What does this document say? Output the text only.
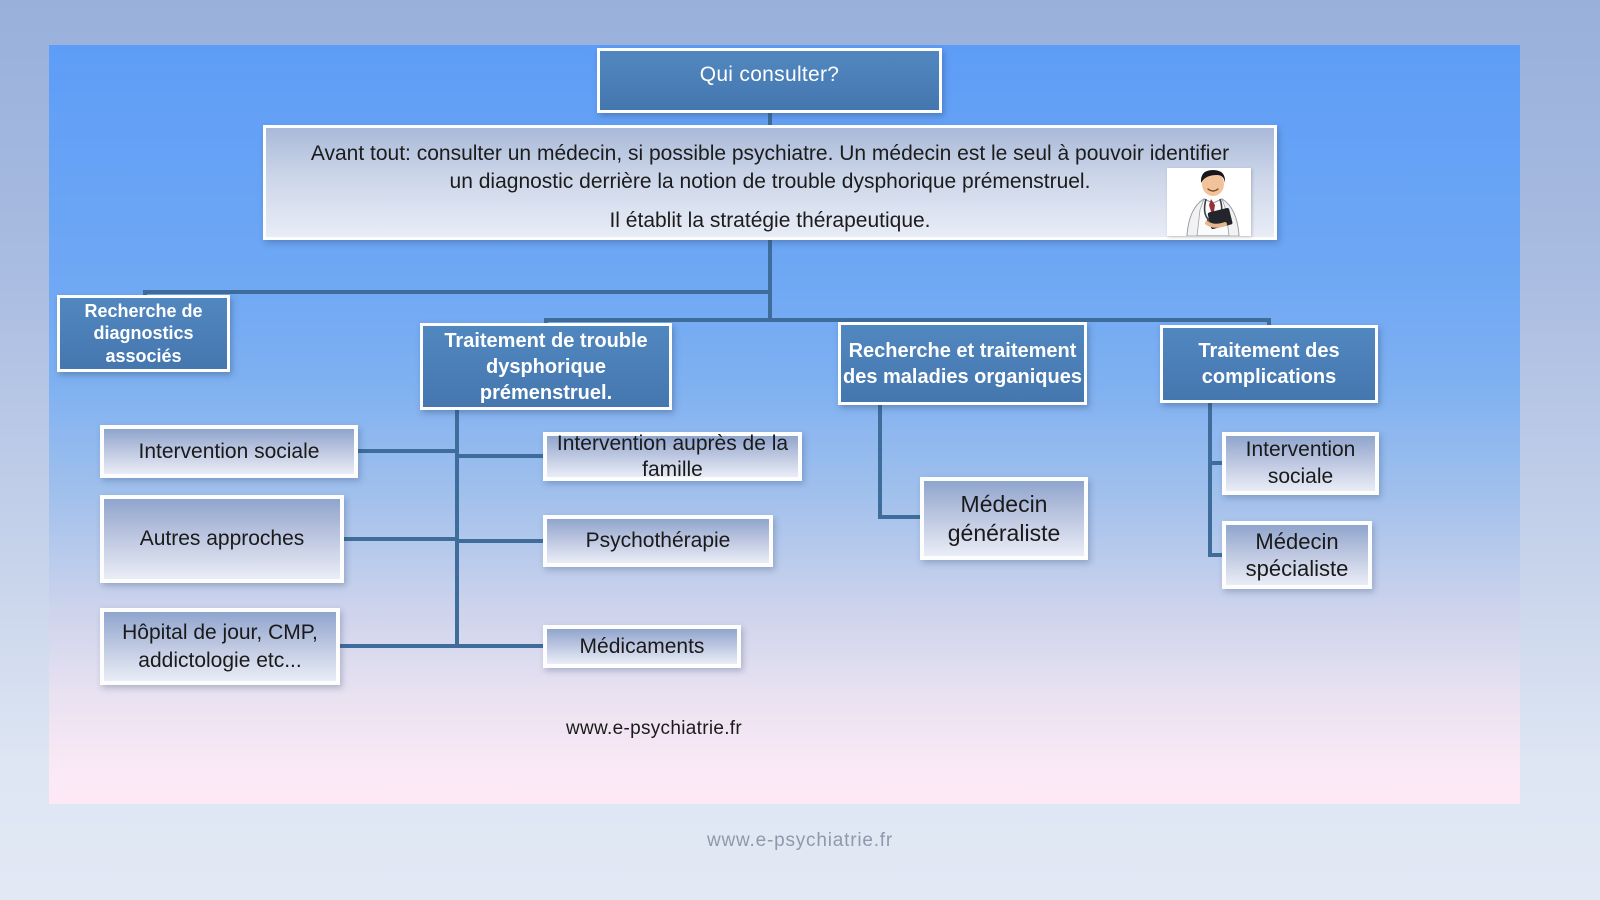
Qui consulter?

Avant tout: consulter un médecin, si possible psychiatre. Un médecin est le seul à pouvoir identifier un diagnostic derrière la notion de trouble dysphorique prémenstruel.

Il établit la stratégie thérapeutique.

Recherche de diagnostics associés
Traitement de trouble dysphorique prémenstruel.
Recherche et traitement des maladies organiques
Traitement des complications
Intervention sociale
Autres approches
Hôpital de jour, CMP, addictologie etc...
Intervention auprès de la famille
Psychothérapie
Médicaments
Médecin généraliste
Intervention sociale
Médecin spécialiste
www.e-psychiatrie.fr
www.e-psychiatrie.fr
